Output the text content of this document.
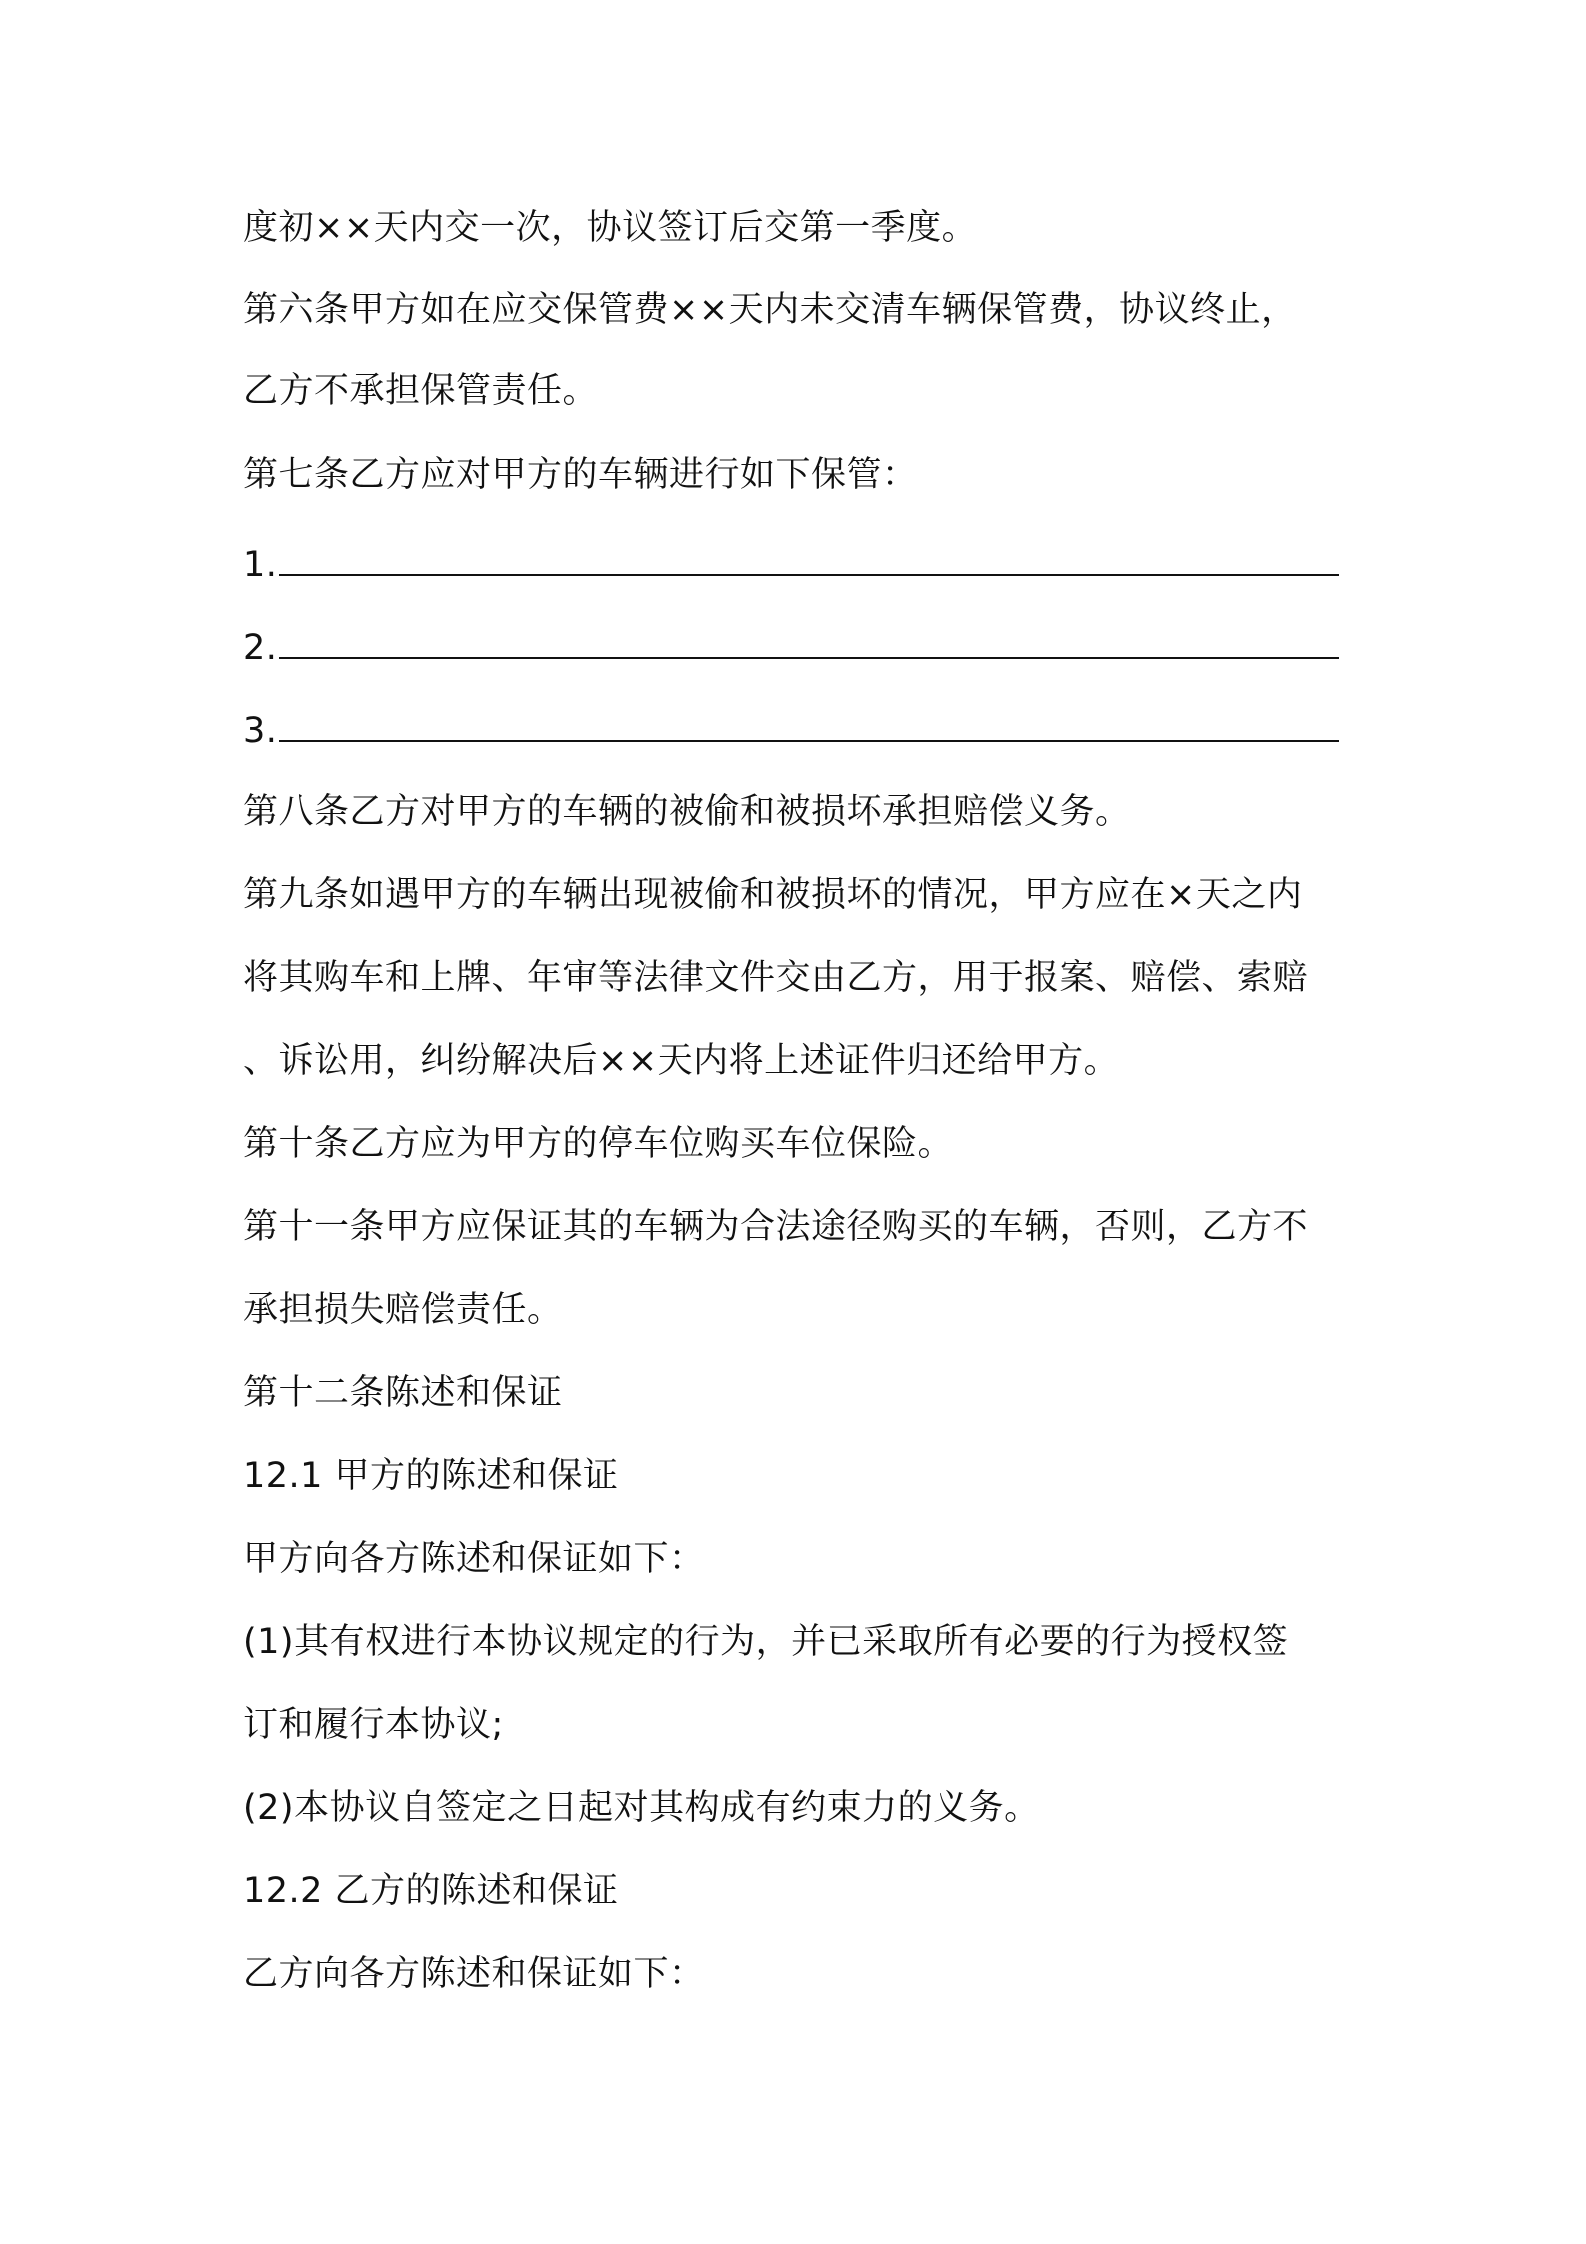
度初××天内交一次，协议签订后交第一季度。
第六条甲方如在应交保管费××天内未交清车辆保管费，协议终止，
乙方不承担保管责任。
第七条乙方应对甲方的车辆进行如下保管：
1.
2.
3.
第八条乙方对甲方的车辆的被偷和被损坏承担赔偿义务。
第九条如遇甲方的车辆出现被偷和被损坏的情况，甲方应在×天之内
将其购车和上牌、年审等法律文件交由乙方，用于报案、赔偿、索赔
、诉讼用，纠纷解决后××天内将上述证件归还给甲方。
第十条乙方应为甲方的停车位购买车位保险。
第十一条甲方应保证其的车辆为合法途径购买的车辆，否则，乙方不
承担损失赔偿责任。
第十二条陈述和保证
12.1 甲方的陈述和保证
甲方向各方陈述和保证如下：
(1)其有权进行本协议规定的行为，并已采取所有必要的行为授权签
订和履行本协议;
(2)本协议自签定之日起对其构成有约束力的义务。
12.2 乙方的陈述和保证
乙方向各方陈述和保证如下：
